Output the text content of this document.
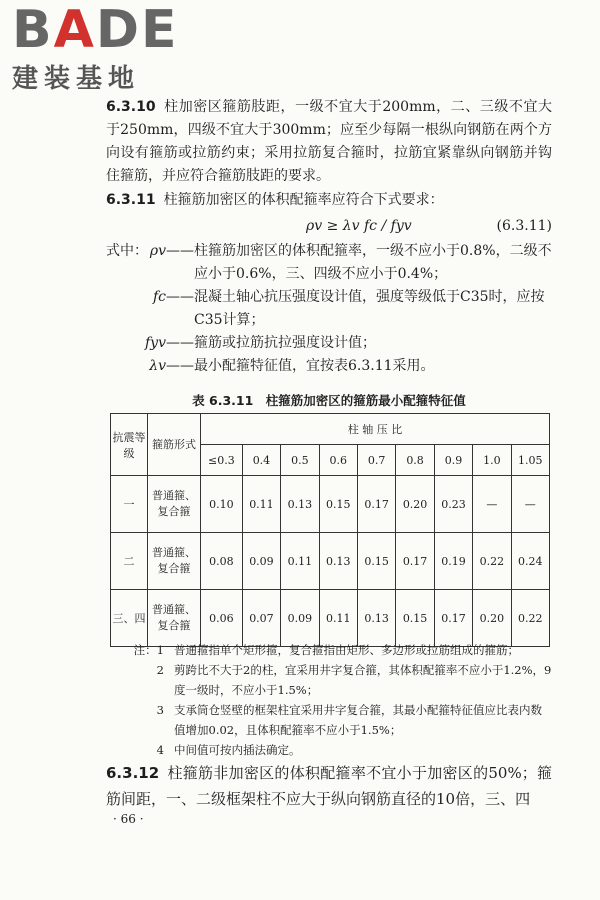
BADE
建装基地
6.3.10 柱加密区箍筋肢距，一级不宜大于200mm，二、三级不宜大于250mm，四级不宜大于300mm；应至少每隔一根纵向钢筋在两个方向设有箍筋或拉筋约束；采用拉筋复合箍时，拉筋宜紧靠纵向钢筋并钩住箍筋，并应符合箍筋肢距的要求。
6.3.11 柱箍筋加密区的体积配箍率应符合下式要求：
ρv ≥ λv fc / fyv	(6.3.11)
式中： ρv —— 柱箍筋加密区的体积配箍率，一级不应小于0.8%，二级不应小于0.6%，三、四级不应小于0.4%；
fc —— 混凝土轴心抗压强度设计值，强度等级低于C35时，应按C35计算；
fyv —— 箍筋或拉筋抗拉强度设计值；
λv —— 最小配箍特征值，宜按表6.3.11采用。
表 6.3.11　柱箍筋加密区的箍筋最小配箍特征值
抗震等级	箍筋形式	柱 轴 压 比								
		≤0.3	0.4	0.5	0.6	0.7	0.8	0.9	1.0	1.05
一	普通箍、复合箍	0.10	0.11	0.13	0.15	0.17	0.20	0.23	—	—
二	普通箍、复合箍	0.08	0.09	0.11	0.13	0.15	0.17	0.19	0.22	0.24
三、四	普通箍、复合箍	0.06	0.07	0.09	0.11	0.13	0.15	0.17	0.20	0.22
注：1 普通箍指单个矩形箍，复合箍指由矩形、多边形或拉筋组成的箍筋；
2 剪跨比不大于2的柱，宜采用井字复合箍，其体积配箍率不应小于1.2%，9度一级时，不应小于1.5%；
3 支承筒仓竖壁的框架柱宜采用井字复合箍，其最小配箍特征值应比表内数值增加0.02，且体积配箍率不应小于1.5%；
4 中间值可按内插法确定。
6.3.12 柱箍筋非加密区的体积配箍率不宜小于加密区的50%；箍筋间距，一、二级框架柱不应大于纵向钢筋直径的10倍，三、四
· 66 ·
